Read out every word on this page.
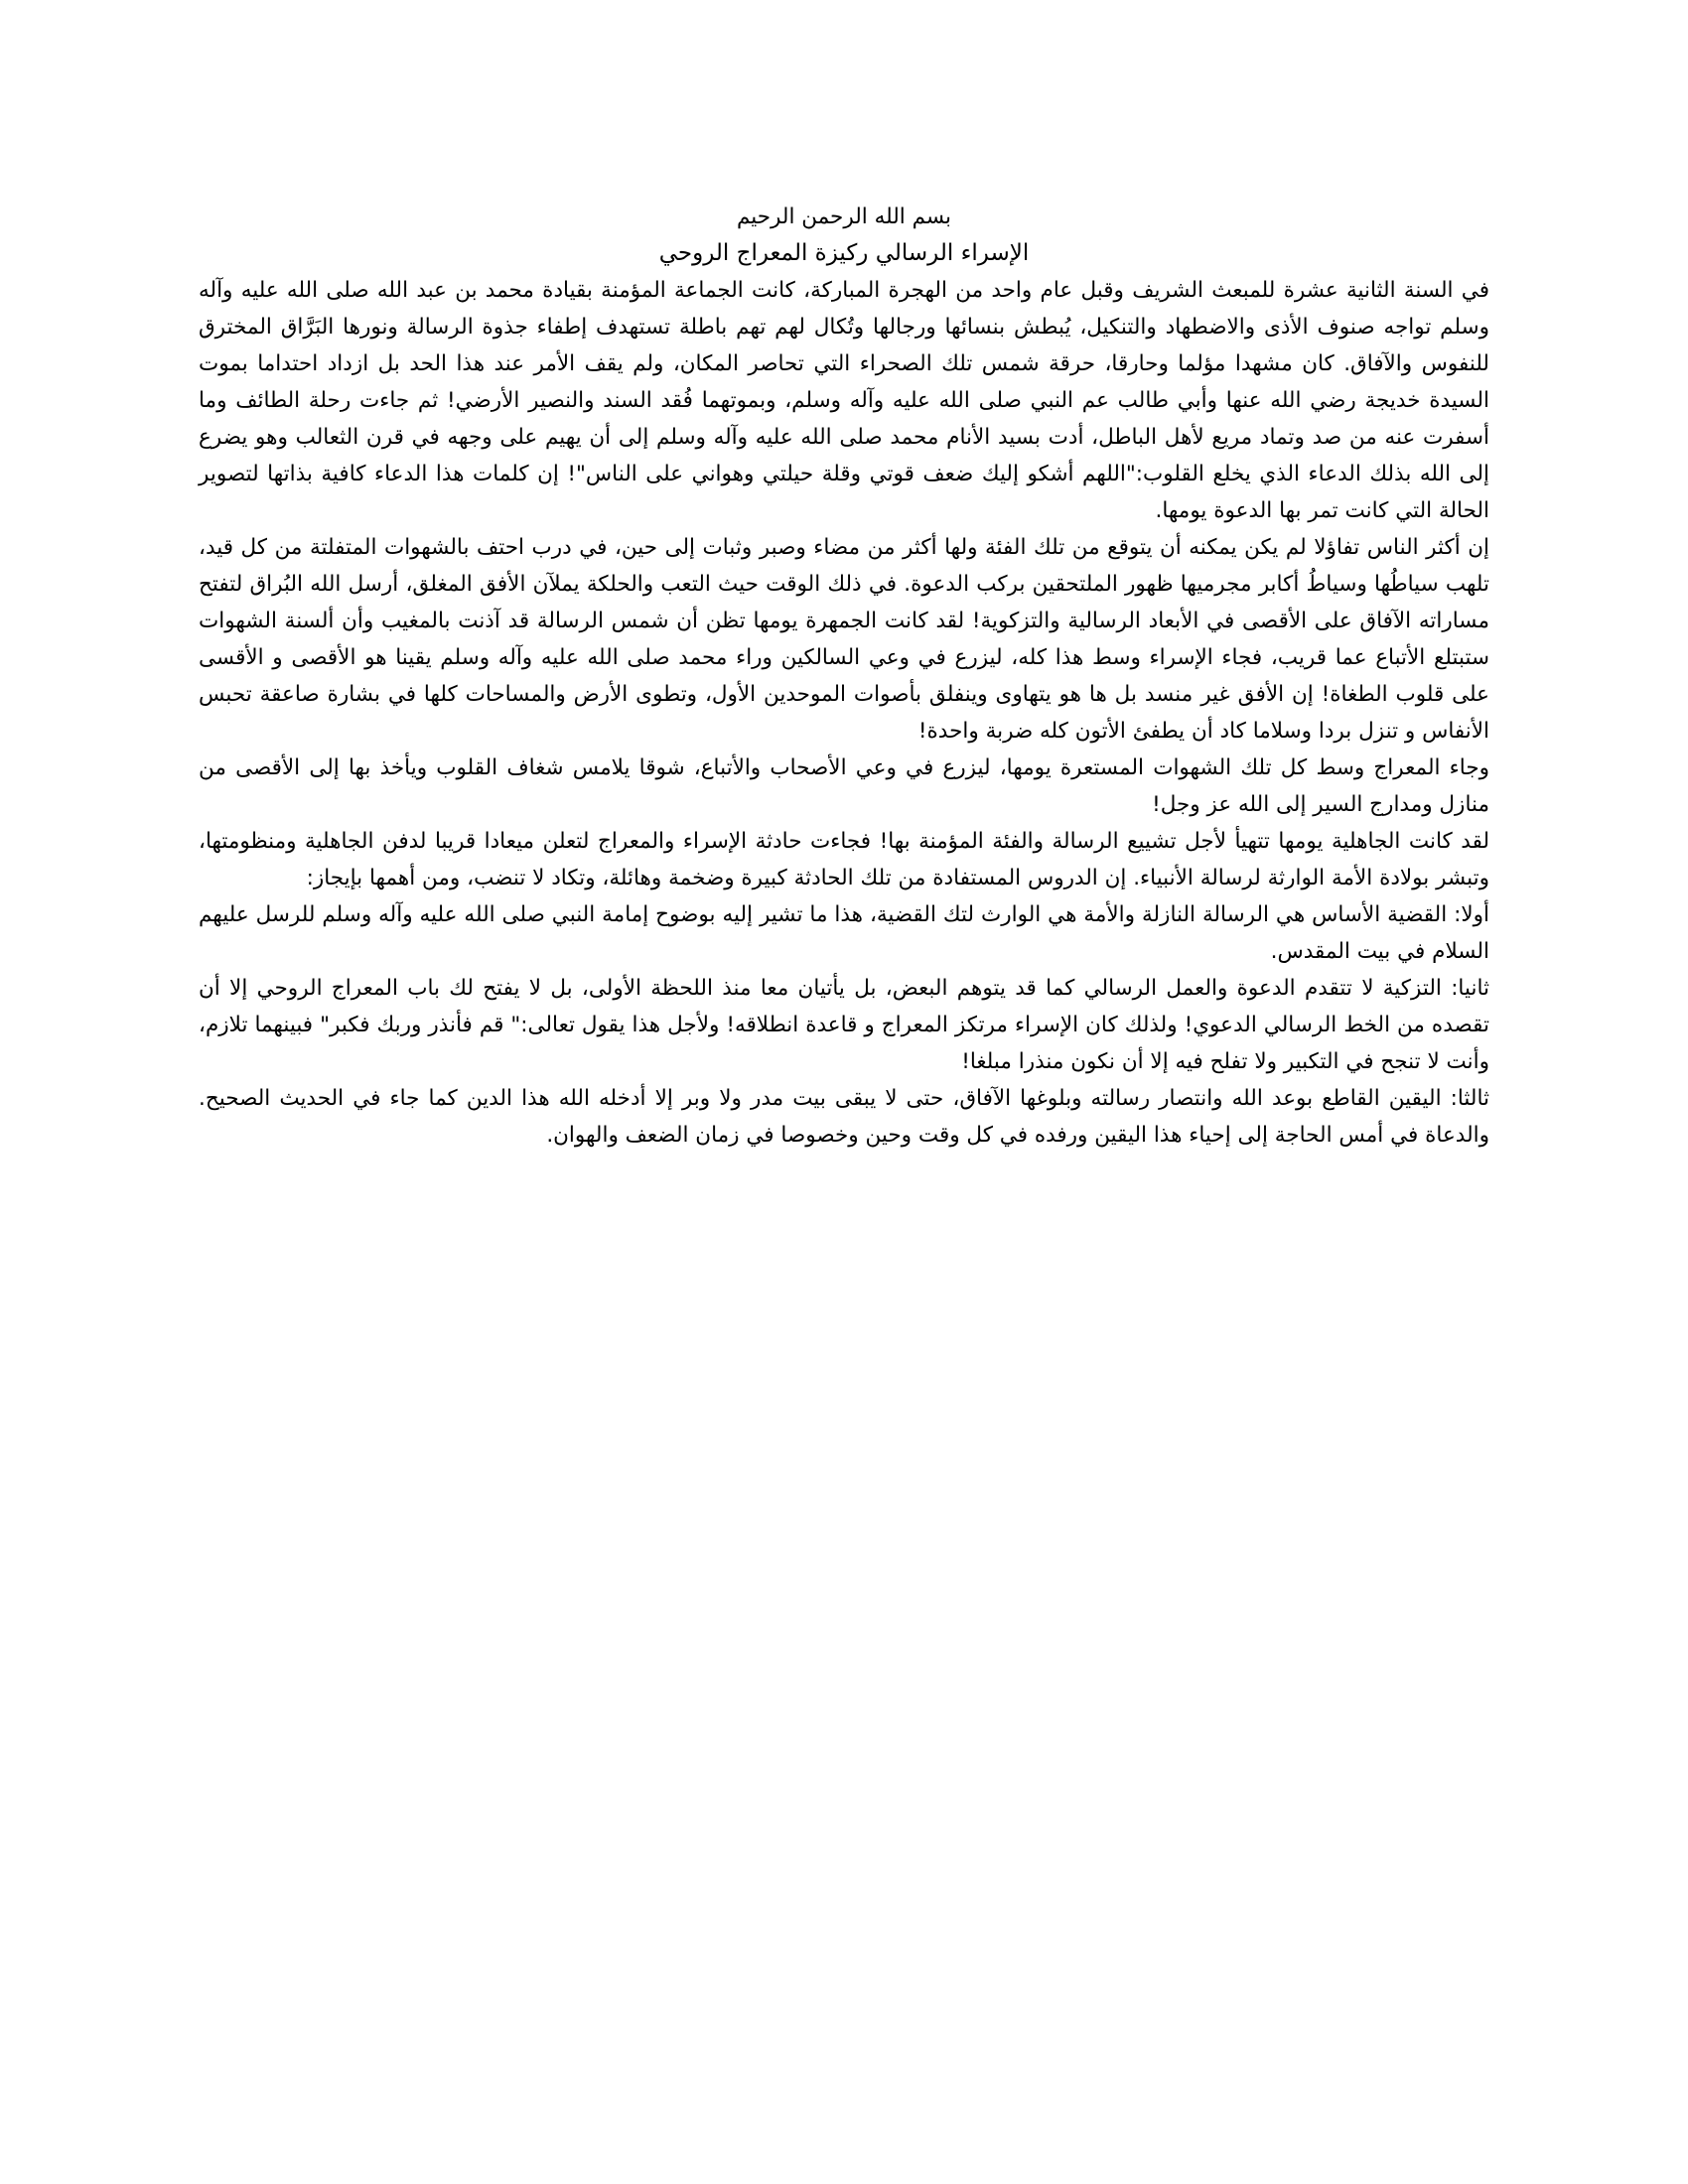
بسم الله الرحمن الرحيم

الإسراء الرسالي ركيزة المعراج الروحي

في السنة الثانية عشرة للمبعث الشريف وقبل عام واحد من الهجرة المباركة، كانت الجماعة المؤمنة بقيادة محمد بن عبد الله صلى الله عليه وآله وسلم تواجه صنوف الأذى والاضطهاد والتنكيل، يُبطش بنسائها ورجالها وتُكال لهم تهم باطلة تستهدف إطفاء جذوة الرسالة ونورها البَرَّاق المخترق للنفوس والآفاق. كان مشهدا مؤلما وحارقا، حرقة شمس تلك الصحراء التي تحاصر المكان، ولم يقف الأمر عند هذا الحد بل ازداد احتداما بموت السيدة خديجة رضي الله عنها وأبي طالب عم النبي صلى الله عليه وآله وسلم، وبموتهما فُقد السند والنصير الأرضي! ثم جاءت رحلة الطائف وما أسفرت عنه من صد وتماد مريع لأهل الباطل، أدت بسيد الأنام محمد صلى الله عليه وآله وسلم إلى أن يهيم على وجهه في قرن الثعالب وهو يضرع إلى الله بذلك الدعاء الذي يخلع القلوب:"اللهم أشكو إليك ضعف قوتي وقلة حيلتي وهواني على الناس"! إن كلمات هذا الدعاء كافية بذاتها لتصوير الحالة التي كانت تمر بها الدعوة يومها.

إن أكثر الناس تفاؤلا لم يكن يمكنه أن يتوقع من تلك الفئة ولها أكثر من مضاء وصبر وثبات إلى حين، في درب احتف بالشهوات المتفلتة من كل قيد، تلهب سياطُها وسياطُ أكابر مجرميها ظهور الملتحقين بركب الدعوة. في ذلك الوقت حيث التعب والحلكة يملآن الأفق المغلق، أرسل الله البُراق لتفتح مساراته الآفاق على الأقصى في الأبعاد الرسالية والتزكوية! لقد كانت الجمهرة يومها تظن أن شمس الرسالة قد آذنت بالمغيب وأن ألسنة الشهوات ستبتلع الأتباع عما قريب، فجاء الإسراء وسط هذا كله، ليزرع في وعي السالكين وراء محمد صلى الله عليه وآله وسلم يقينا هو الأقصى و الأقسى على قلوب الطغاة! إن الأفق غير منسد بل ها هو يتهاوى وينفلق بأصوات الموحدين الأول، وتطوى الأرض والمساحات كلها في بشارة صاعقة تحبس الأنفاس و تنزل بردا وسلاما كاد أن يطفئ الأتون كله ضربة واحدة!

وجاء المعراج وسط كل تلك الشهوات المستعرة يومها، ليزرع في وعي الأصحاب والأتباع، شوقا يلامس شغاف القلوب ويأخذ بها إلى الأقصى من منازل ومدارج السير إلى الله عز وجل!

لقد كانت الجاهلية يومها تتهيأ لأجل تشييع الرسالة والفئة المؤمنة بها! فجاءت حادثة الإسراء والمعراج لتعلن ميعادا قريبا لدفن الجاهلية ومنظومتها، وتبشر بولادة الأمة الوارثة لرسالة الأنبياء. إن الدروس المستفادة من تلك الحادثة كبيرة وضخمة وهائلة، وتكاد لا تنضب، ومن أهمها بإيجاز:

أولا: القضية الأساس هي الرسالة النازلة والأمة هي الوارث لتك القضية، هذا ما تشير إليه بوضوح إمامة النبي صلى الله عليه وآله وسلم للرسل عليهم السلام في بيت المقدس.

ثانيا: التزكية لا تتقدم الدعوة والعمل الرسالي كما قد يتوهم البعض، بل يأتيان معا منذ اللحظة الأولى، بل لا يفتح لك باب المعراج الروحي إلا أن تقصده من الخط الرسالي الدعوي! ولذلك كان الإسراء مرتكز المعراج و قاعدة انطلاقه! ولأجل هذا يقول تعالى:" قم فأنذر وربك فكبر" فبينهما تلازم، وأنت لا تنجح في التكبير ولا تفلح فيه إلا أن نكون منذرا مبلغا!

ثالثا: اليقين القاطع بوعد الله وانتصار رسالته وبلوغها الآفاق، حتى لا يبقى بيت مدر ولا وبر إلا أدخله الله هذا الدين كما جاء في الحديث الصحيح. والدعاة في أمس الحاجة إلى إحياء هذا اليقين ورفده في كل وقت وحين وخصوصا في زمان الضعف والهوان.
